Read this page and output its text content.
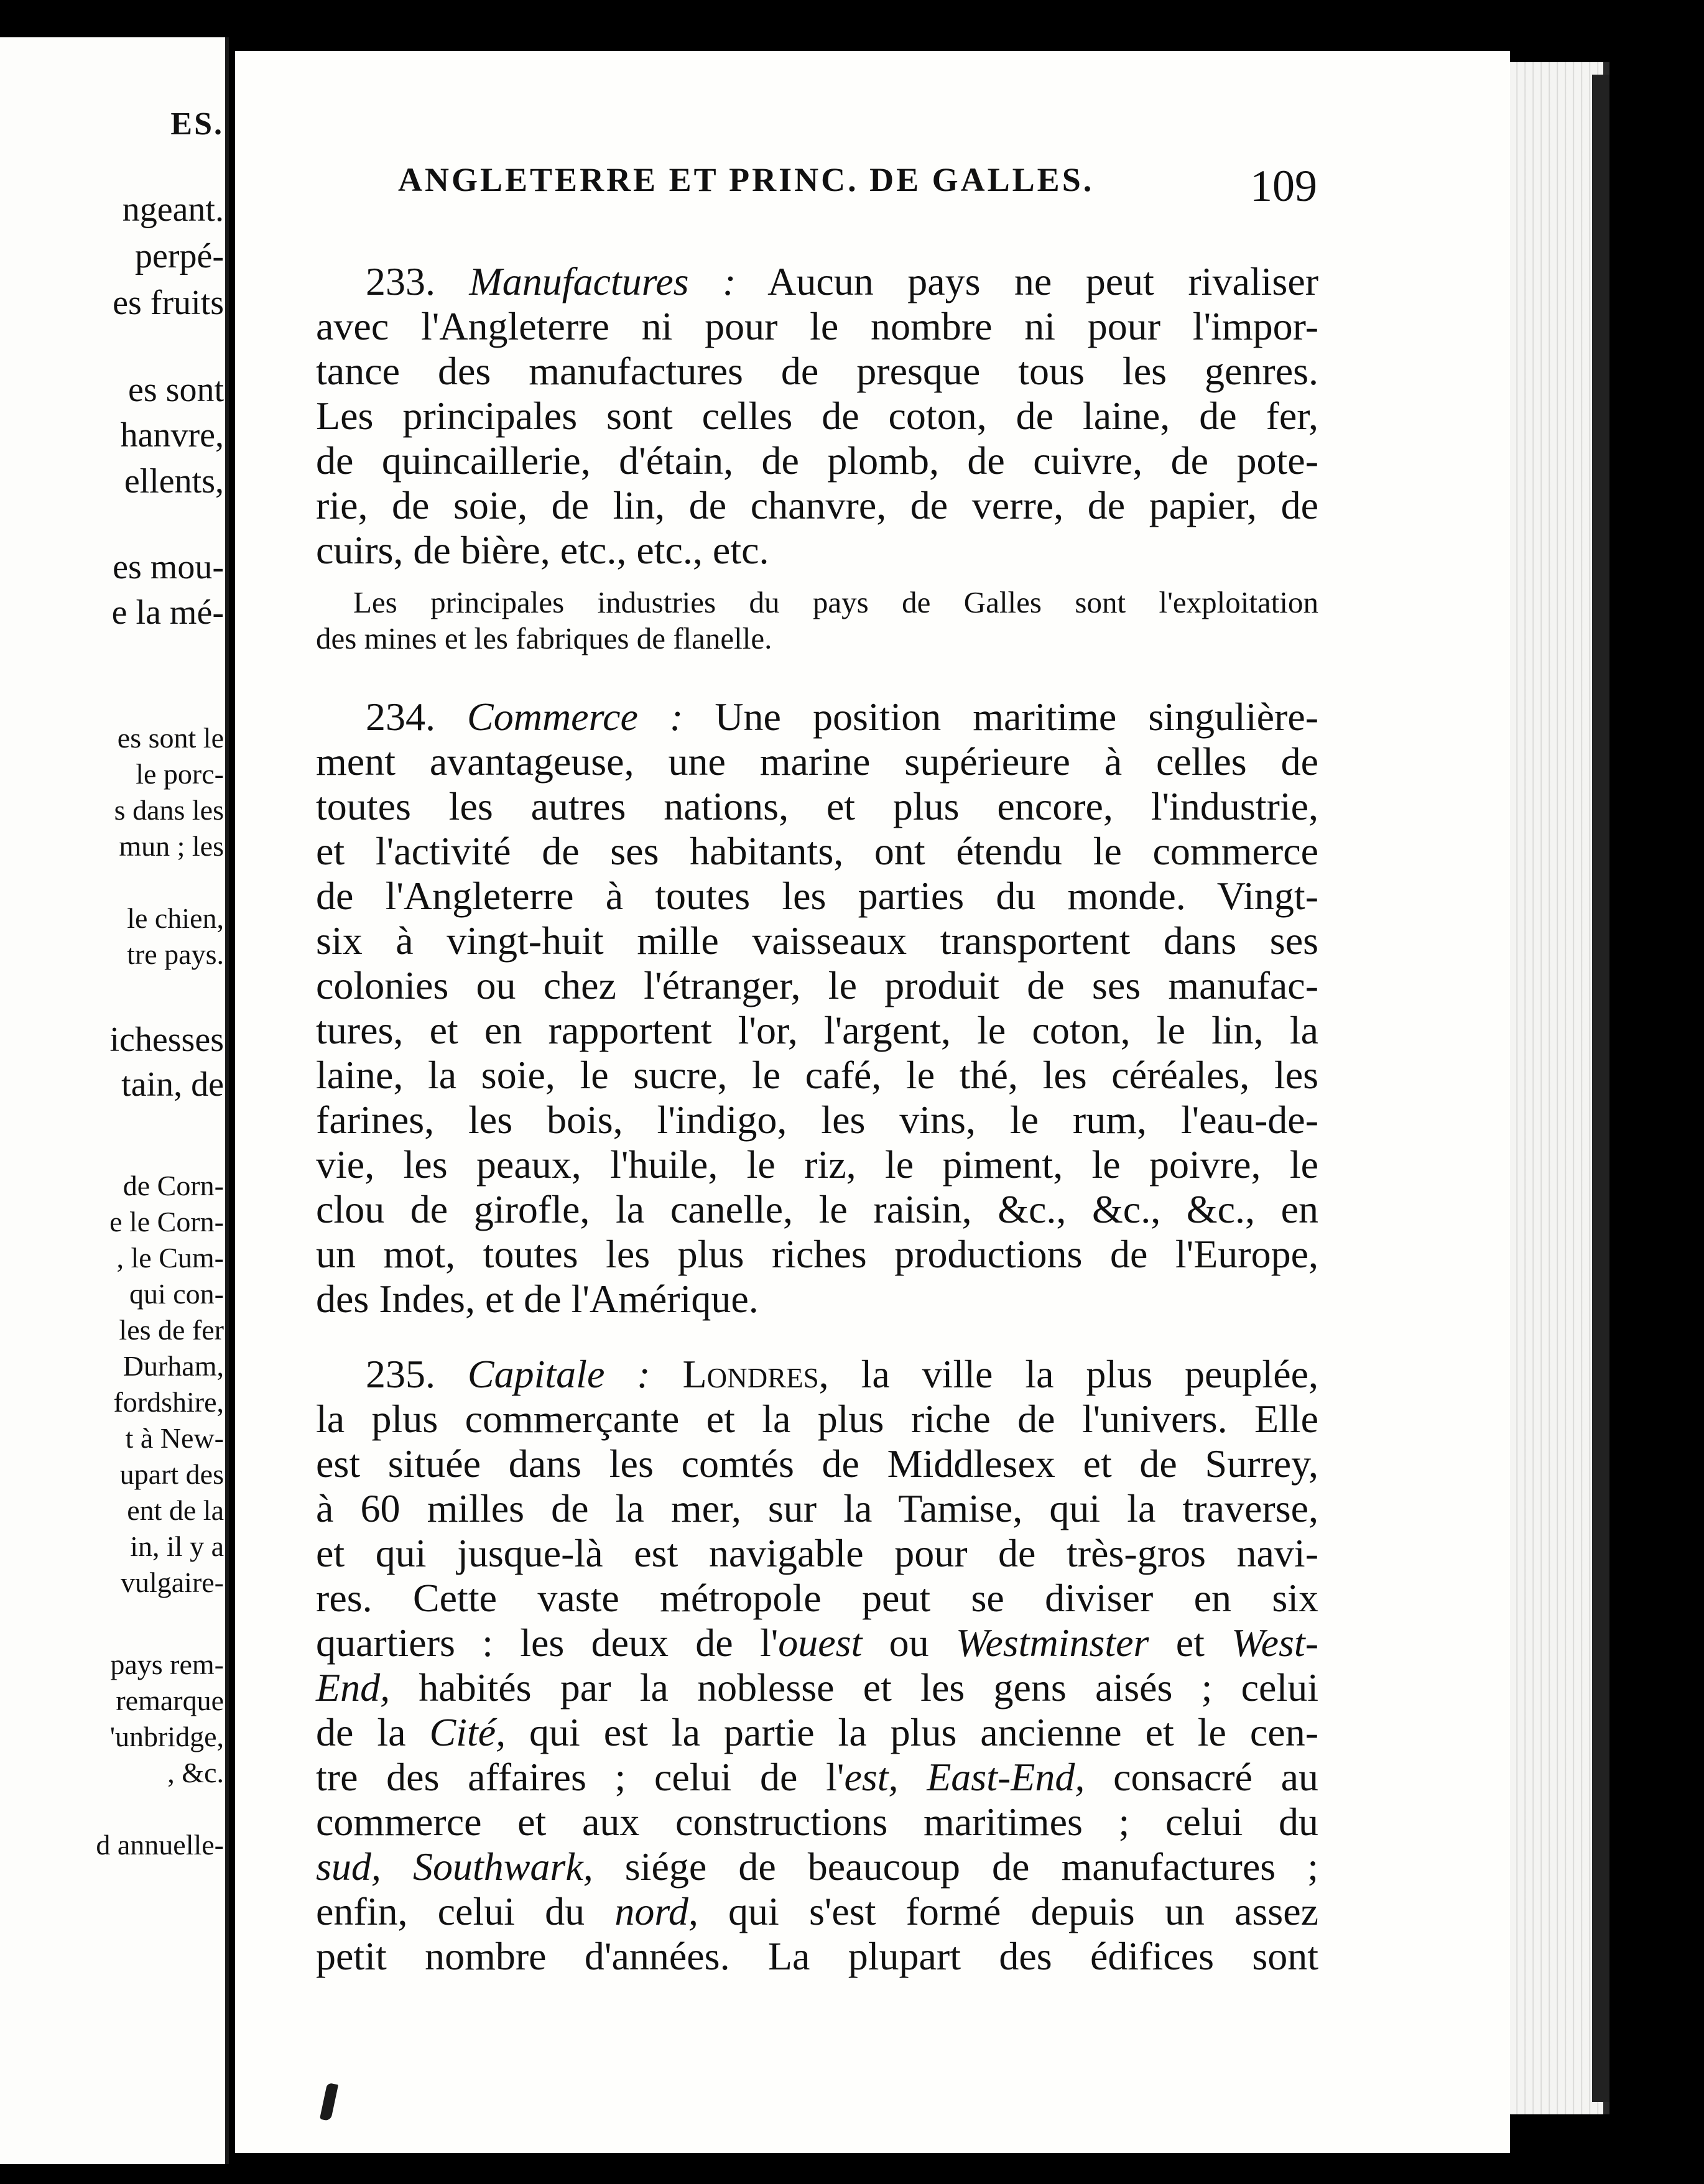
ES.
ngeant.
perpé-
es fruits
es sont
hanvre,
ellents,
es mou-
e la mé-
es sont le
le porc-
s dans les
mun ; les
le chien,
tre pays.
ichesses
tain, de
de Corn-
e le Corn-
, le Cum-
qui con-
les de fer
Durham,
fordshire,
t à New-
upart des
ent de la
in, il y a
vulgaire-
pays rem-
remarque
'unbridge,
, &c.
d annuelle-
ANGLETERRE ET PRINC. DE GALLES.	109
233. Manufactures : Aucun pays ne peut rivaliser
avec l'Angleterre ni pour le nombre ni pour l'impor-
tance des manufactures de presque tous les genres.
Les principales sont celles de coton, de laine, de fer,
de quincaillerie, d'étain, de plomb, de cuivre, de pote-
rie, de soie, de lin, de chanvre, de verre, de papier, de
cuirs, de bière, etc., etc., etc.
Les principales industries du pays de Galles sont l'exploitation
des mines et les fabriques de flanelle.
234. Commerce : Une position maritime singulière-
ment avantageuse, une marine supérieure à celles de
toutes les autres nations, et plus encore, l'industrie,
et l'activité de ses habitants, ont étendu le commerce
de l'Angleterre à toutes les parties du monde. Vingt-
six à vingt-huit mille vaisseaux transportent dans ses
colonies ou chez l'étranger, le produit de ses manufac-
tures, et en rapportent l'or, l'argent, le coton, le lin, la
laine, la soie, le sucre, le café, le thé, les céréales, les
farines, les bois, l'indigo, les vins, le rum, l'eau-de-
vie, les peaux, l'huile, le riz, le piment, le poivre, le
clou de girofle, la canelle, le raisin, &c., &c., &c., en
un mot, toutes les plus riches productions de l'Europe,
des Indes, et de l'Amérique.
235. Capitale : Londres, la ville la plus peuplée,
la plus commerçante et la plus riche de l'univers. Elle
est située dans les comtés de Middlesex et de Surrey,
à 60 milles de la mer, sur la Tamise, qui la traverse,
et qui jusque-là est navigable pour de très-gros navi-
res. Cette vaste métropole peut se diviser en six
quartiers : les deux de l'ouest ou Westminster et West-
End, habités par la noblesse et les gens aisés ; celui
de la Cité, qui est la partie la plus ancienne et le cen-
tre des affaires ; celui de l'est, East-End, consacré au
commerce et aux constructions maritimes ; celui du
sud, Southwark, siége de beaucoup de manufactures ;
enfin, celui du nord, qui s'est formé depuis un assez
petit nombre d'années. La plupart des édifices sont
